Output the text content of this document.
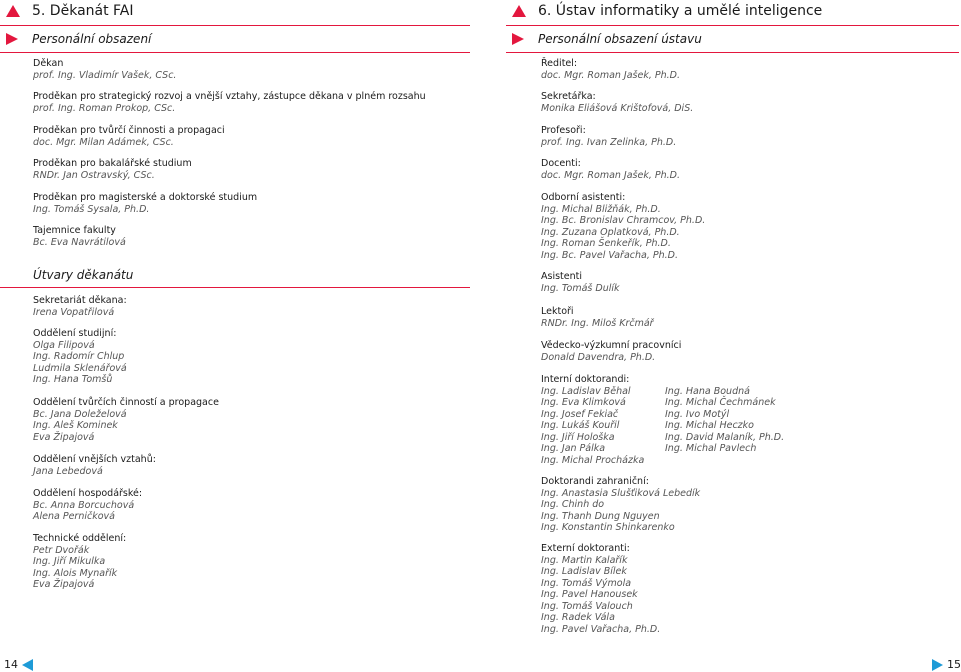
5. Děkanát FAI
Personální obsazení
Děkan
prof. Ing. Vladimír Vašek, CSc.
Proděkan pro strategický rozvoj a vnější vztahy, zástupce děkana v plném rozsahu
prof. Ing. Roman Prokop, CSc.
Proděkan pro tvůrčí činnosti a propagaci
doc. Mgr. Milan Adámek, CSc.
Proděkan pro bakalářské studium
RNDr. Jan Ostravský, CSc.
Proděkan pro magisterské a doktorské studium
Ing. Tomáš Sysala, Ph.D.
Tajemnice fakulty
Bc. Eva Navrátilová
Útvary děkanátu
Sekretariát děkana:
Irena Vopatřilová
Oddělení studijní:
Olga Filipová
Ing. Radomír Chlup
Ludmila Sklenářová
Ing. Hana Tomšů
Oddělení tvůrčích činností a propagace
Bc. Jana Doleželová
Ing. Aleš Kominek
Eva Žipajová
Oddělení vnějších vztahů:
Jana Lebedová
Oddělení hospodářské:
Bc. Anna Borcuchová
Alena Perničková
Technické oddělení:
Petr Dvořák
Ing. Jiří Mikulka
Ing. Alois Mynařík
Eva Žipajová
6. Ústav informatiky a umělé inteligence
Personální obsazení ústavu
Ředitel:
doc. Mgr. Roman Jašek, Ph.D.
Sekretářka:
Monika Eliášová Krištofová, DiS.
Profesoři:
prof. Ing. Ivan Zelinka, Ph.D.
Docenti:
doc. Mgr. Roman Jašek, Ph.D.
Odborní asistenti:
Ing. Michal Bližňák, Ph.D.
Ing. Bc. Bronislav Chramcov, Ph.D.
Ing. Zuzana Oplatková, Ph.D.
Ing. Roman Šenkeřík, Ph.D.
Ing. Bc. Pavel Vařacha, Ph.D.
Asistenti
Ing. Tomáš Dulík
Lektoři
RNDr. Ing. Miloš Krčmář
Vědecko-výzkumní pracovníci
Donald Davendra, Ph.D.
Interní doktorandi:
Ing. Ladislav Běhal
Ing. Eva Klimková
Ing. Josef Fekiač
Ing. Lukáš Kouřil
Ing. Jiří Hološka
Ing. Jan Pálka
Ing. Michal Procházka
Ing. Hana Boudná
Ing. Michal Čechmánek
Ing. Ivo Motýl
Ing. Michal Heczko
Ing. David Malaník, Ph.D.
Ing. Michal Pavlech
Doktorandi zahraniční:
Ing. Anastasia Slušťiková Lebedík
Ing. Chinh do
Ing. Thanh Dung Nguyen
Ing. Konstantin Shinkarenko
Externí doktoranti:
Ing. Martin Kalařík
Ing. Ladislav Bílek
Ing. Tomáš Výmola
Ing. Pavel Hanousek
Ing. Tomáš Valouch
Ing. Radek Vála
Ing. Pavel Vařacha, Ph.D.
14	15
